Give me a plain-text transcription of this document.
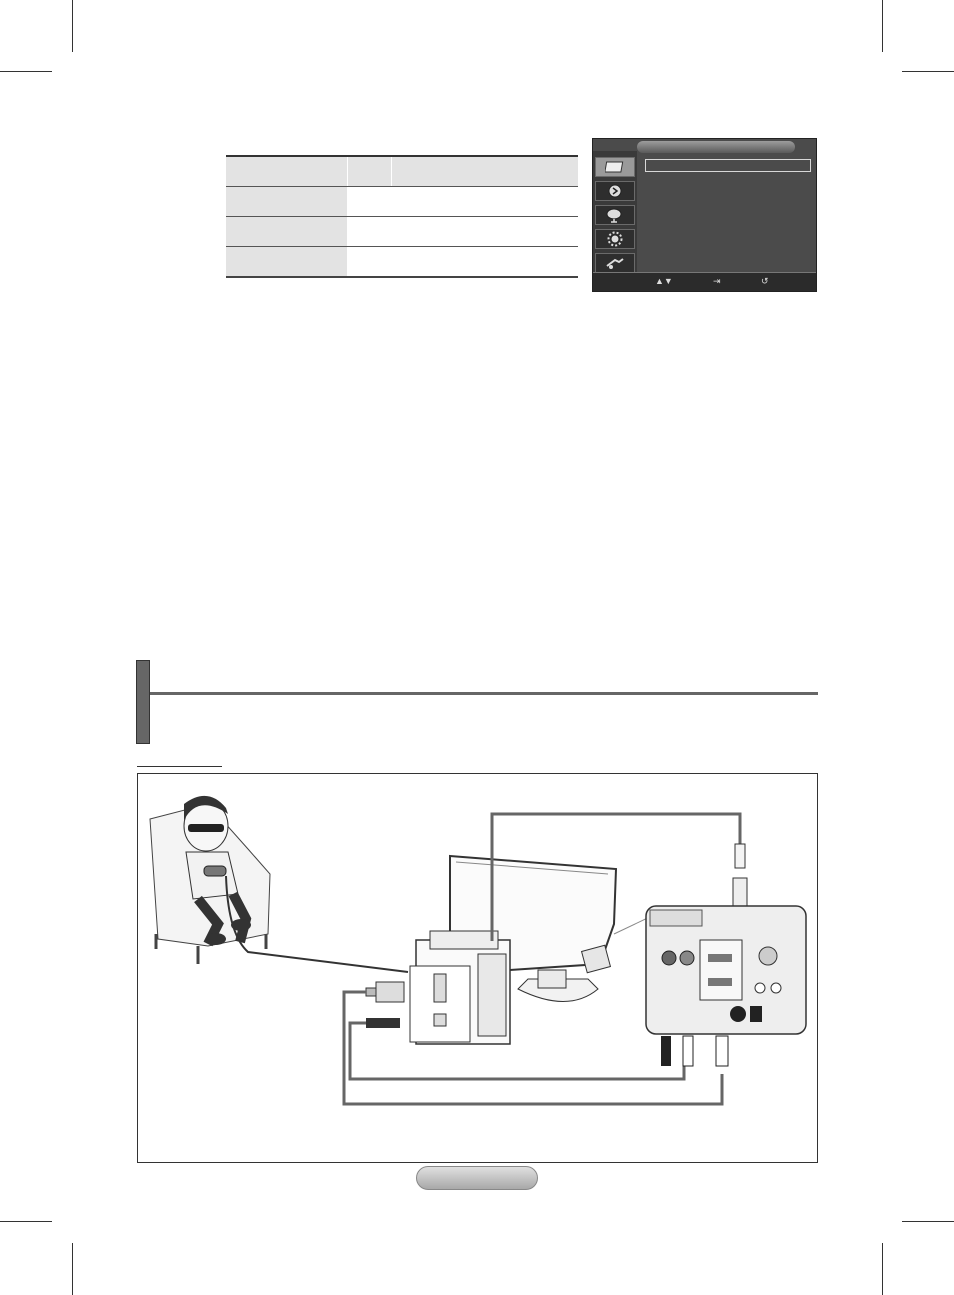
▲▼	⇥	↺
